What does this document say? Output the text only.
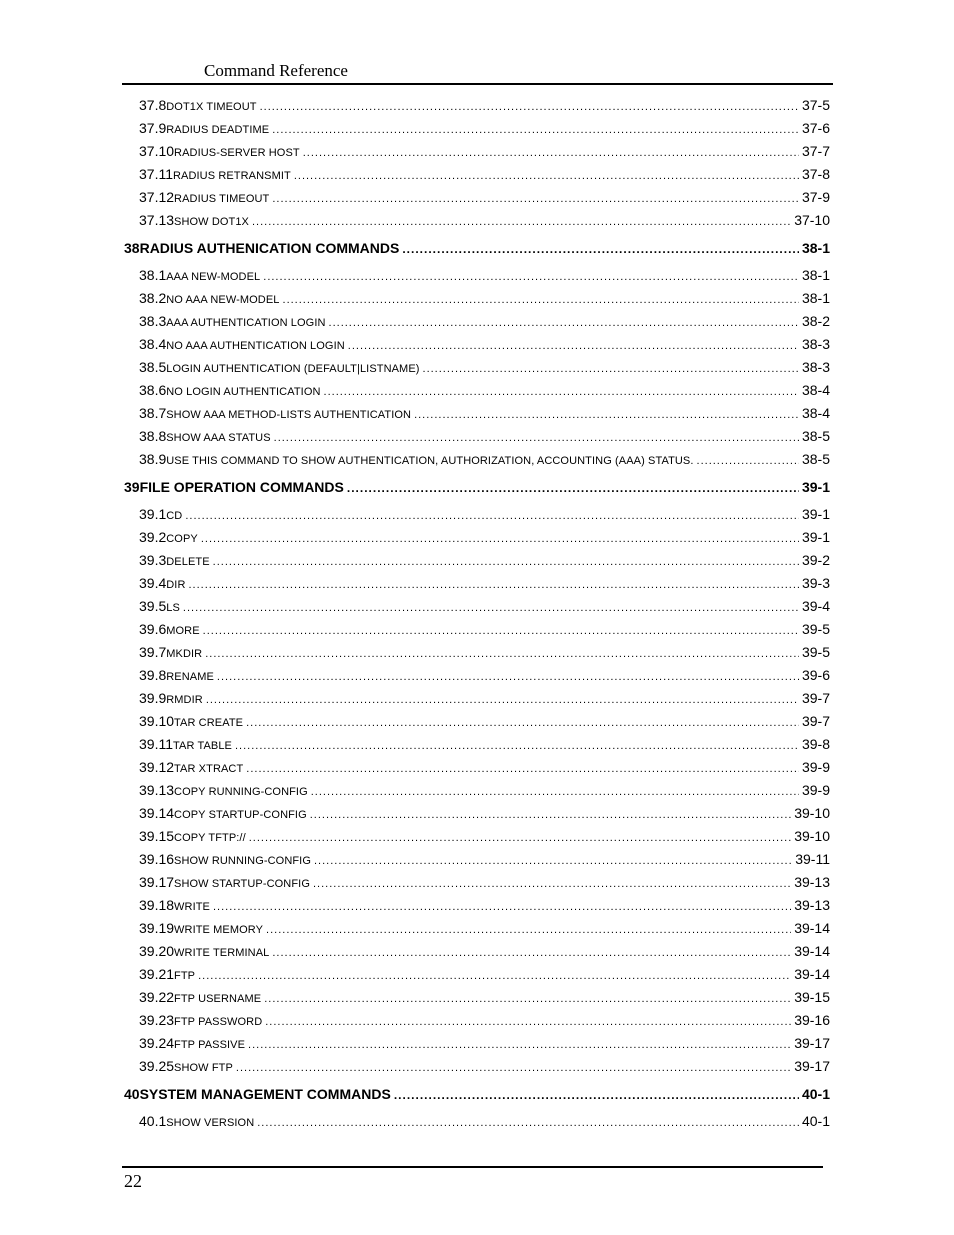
Command Reference
37.8 DOT1X TIMEOUT .....	37-5
37.9 RADIUS DEADTIME .....	37-6
37.10 RADIUS-SERVER HOST .....	37-7
37.11 RADIUS RETRANSMIT .....	37-8
37.12 RADIUS TIMEOUT .....	37-9
37.13 SHOW DOT1X .....	37-10
38 RADIUS AUTHENICATION COMMANDS .....	38-1
38.1 AAA NEW-MODEL .....	38-1
38.2 NO AAA NEW-MODEL .....	38-1
38.3 AAA AUTHENTICATION LOGIN .....	38-2
38.4 NO AAA AUTHENTICATION LOGIN .....	38-3
38.5 LOGIN AUTHENTICATION (DEFAULT|LISTNAME) .....	38-3
38.6 NO LOGIN AUTHENTICATION .....	38-4
38.7 SHOW AAA METHOD-LISTS AUTHENTICATION .....	38-4
38.8 SHOW AAA STATUS .....	38-5
38.9 USE THIS COMMAND TO SHOW AUTHENTICATION, AUTHORIZATION, ACCOUNTING (AAA) STATUS. .....	38-5
39 FILE OPERATION COMMANDS .....	39-1
39.1 CD .....	39-1
39.2 COPY .....	39-1
39.3 DELETE .....	39-2
39.4 DIR .....	39-3
39.5 LS .....	39-4
39.6 MORE .....	39-5
39.7 MKDIR .....	39-5
39.8 RENAME .....	39-6
39.9 RMDIR .....	39-7
39.10 TAR CREATE .....	39-7
39.11 TAR TABLE .....	39-8
39.12 TAR XTRACT .....	39-9
39.13 COPY RUNNING-CONFIG .....	39-9
39.14 COPY STARTUP-CONFIG .....	39-10
39.15 COPY TFTP:// .....	39-10
39.16 SHOW RUNNING-CONFIG .....	39-11
39.17 SHOW STARTUP-CONFIG .....	39-13
39.18 WRITE .....	39-13
39.19 WRITE MEMORY .....	39-14
39.20 WRITE TERMINAL .....	39-14
39.21 FTP .....	39-14
39.22 FTP USERNAME .....	39-15
39.23 FTP PASSWORD .....	39-16
39.24 FTP PASSIVE .....	39-17
39.25 SHOW FTP .....	39-17
40 SYSTEM MANAGEMENT COMMANDS .....	40-1
40.1 SHOW VERSION .....	40-1
22
